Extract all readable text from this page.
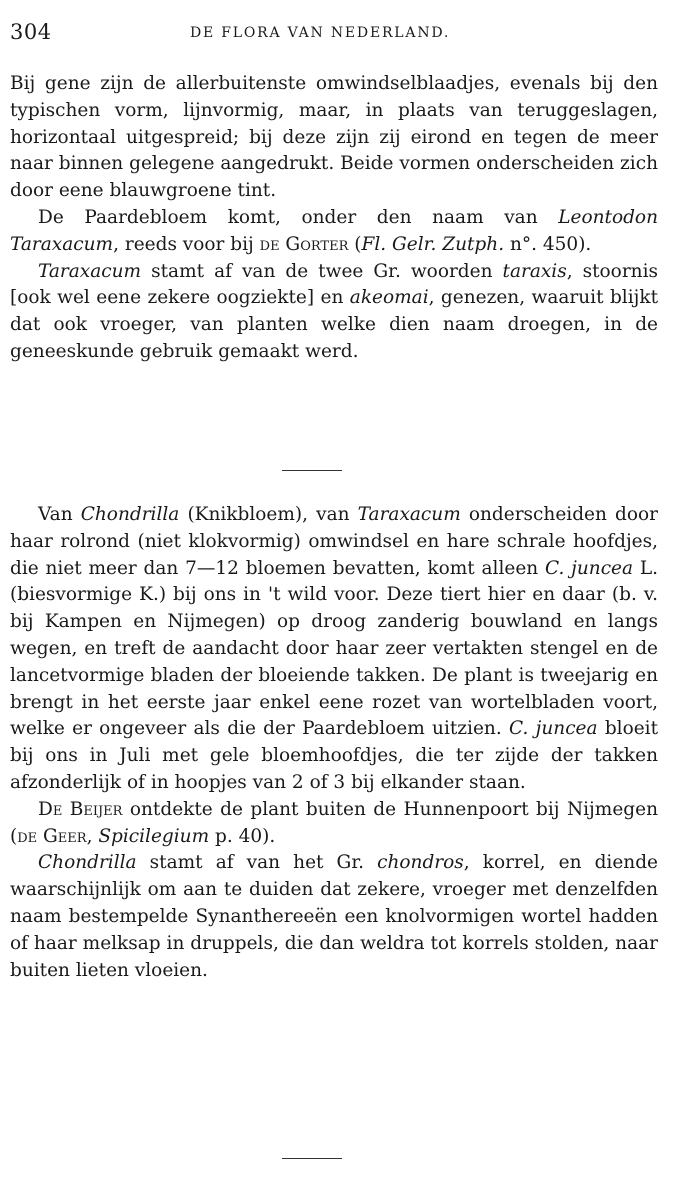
304	DE FLORA VAN NEDERLAND.

Bij gene zijn de allerbuitenste omwindselblaadjes, evenals bij den typischen vorm, lijnvormig, maar, in plaats van teruggeslagen, horizontaal uitgespreid; bij deze zijn zij eirond en tegen de meer naar binnen gelegene aangedrukt. Beide vormen onderscheiden zich door eene blauwgroene tint.

De Paardebloem komt, onder den naam van Leontodon Taraxacum, reeds voor bij de Gorter (Fl. Gelr. Zutph. n°. 450).

Taraxacum stamt af van de twee Gr. woorden taraxis, stoornis [ook wel eene zekere oogziekte] en akeomai, genezen, waaruit blijkt dat ook vroeger, van planten welke dien naam droegen, in de geneeskunde gebruik gemaakt werd.

Van Chondrilla (Knikbloem), van Taraxacum onderscheiden door haar rolrond (niet klokvormig) omwindsel en hare schrale hoofdjes, die niet meer dan 7—12 bloemen bevatten, komt alleen C. juncea L. (biesvormige K.) bij ons in 't wild voor. Deze tiert hier en daar (b. v. bij Kampen en Nijmegen) op droog zanderig bouwland en langs wegen, en treft de aandacht door haar zeer vertakten stengel en de lancetvormige bladen der bloeiende takken. De plant is tweejarig en brengt in het eerste jaar enkel eene rozet van wortelbladen voort, welke er ongeveer als die der Paardebloem uitzien. C. juncea bloeit bij ons in Juli met gele bloemhoofdjes, die ter zijde der takken afzonderlijk of in hoopjes van 2 of 3 bij elkander staan.

De Beijer ontdekte de plant buiten de Hunnenpoort bij Nijmegen (de Geer, Spicilegium p. 40).

Chondrilla stamt af van het Gr. chondros, korrel, en diende waarschijnlijk om aan te duiden dat zekere, vroeger met denzelfden naam bestempelde Synanthereeën een knolvormigen wortel hadden of haar melksap in druppels, die dan weldra tot korrels stolden, naar buiten lieten vloeien.
